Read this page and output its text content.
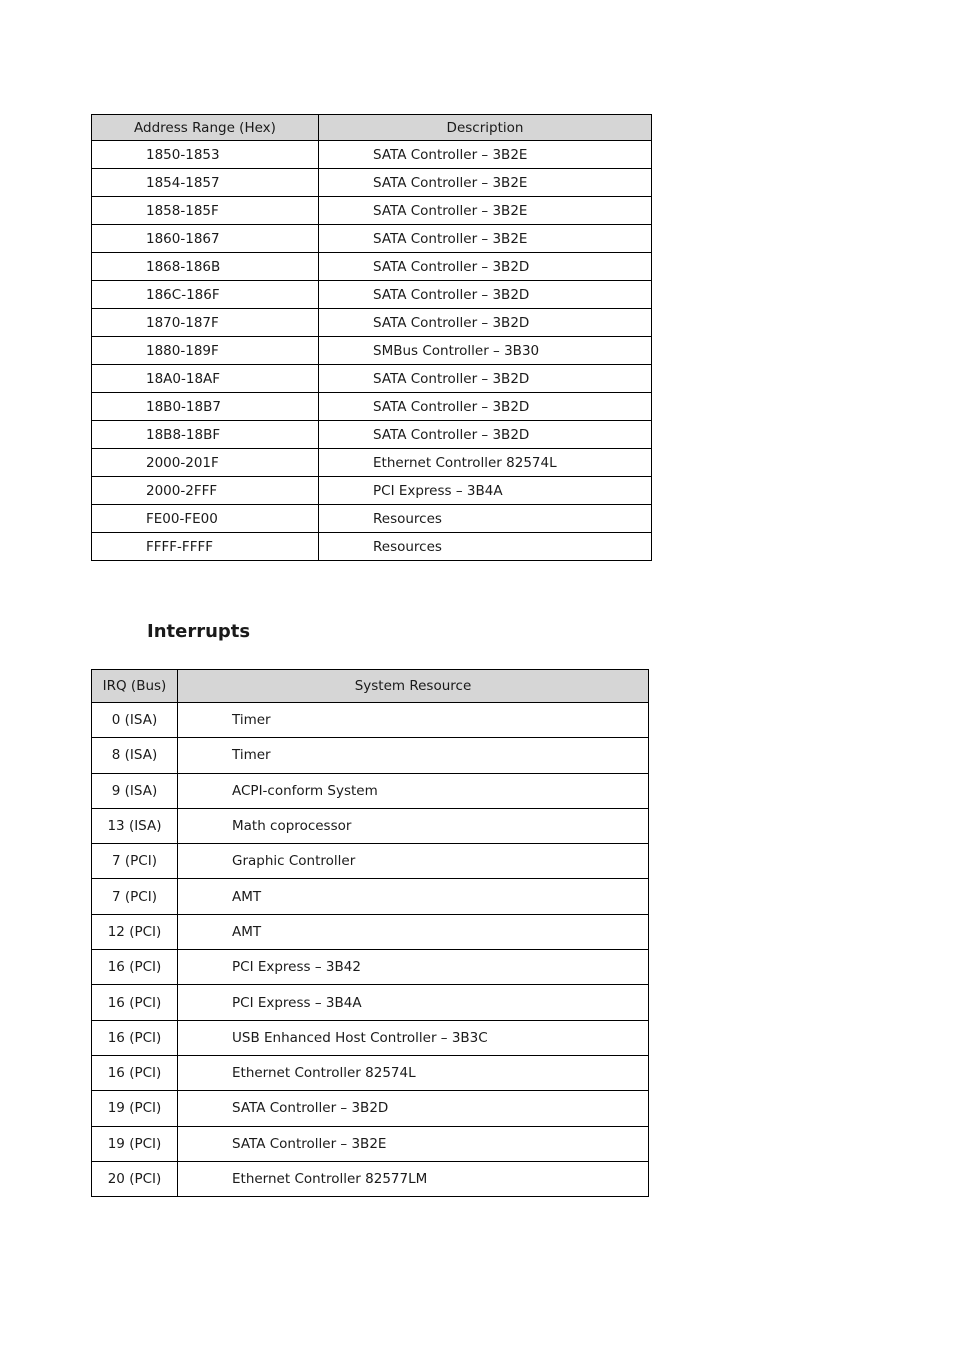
Address Range (Hex)	Description
1850-1853	SATA Controller – 3B2E
1854-1857	SATA Controller – 3B2E
1858-185F	SATA Controller – 3B2E
1860-1867	SATA Controller – 3B2E
1868-186B	SATA Controller – 3B2D
186C-186F	SATA Controller – 3B2D
1870-187F	SATA Controller – 3B2D
1880-189F	SMBus Controller – 3B30
18A0-18AF	SATA Controller – 3B2D
18B0-18B7	SATA Controller – 3B2D
18B8-18BF	SATA Controller – 3B2D
2000-201F	Ethernet Controller 82574L
2000-2FFF	PCI Express – 3B4A
FE00-FE00	Resources
FFFF-FFFF	Resources
Interrupts
IRQ (Bus)	System Resource
0 (ISA)	Timer
8 (ISA)	Timer
9 (ISA)	ACPI-conform System
13 (ISA)	Math coprocessor
7 (PCI)	Graphic Controller
7 (PCI)	AMT
12 (PCI)	AMT
16 (PCI)	PCI Express – 3B42
16 (PCI)	PCI Express – 3B4A
16 (PCI)	USB Enhanced Host Controller – 3B3C
16 (PCI)	Ethernet Controller 82574L
19 (PCI)	SATA Controller – 3B2D
19 (PCI)	SATA Controller – 3B2E
20 (PCI)	Ethernet Controller 82577LM
